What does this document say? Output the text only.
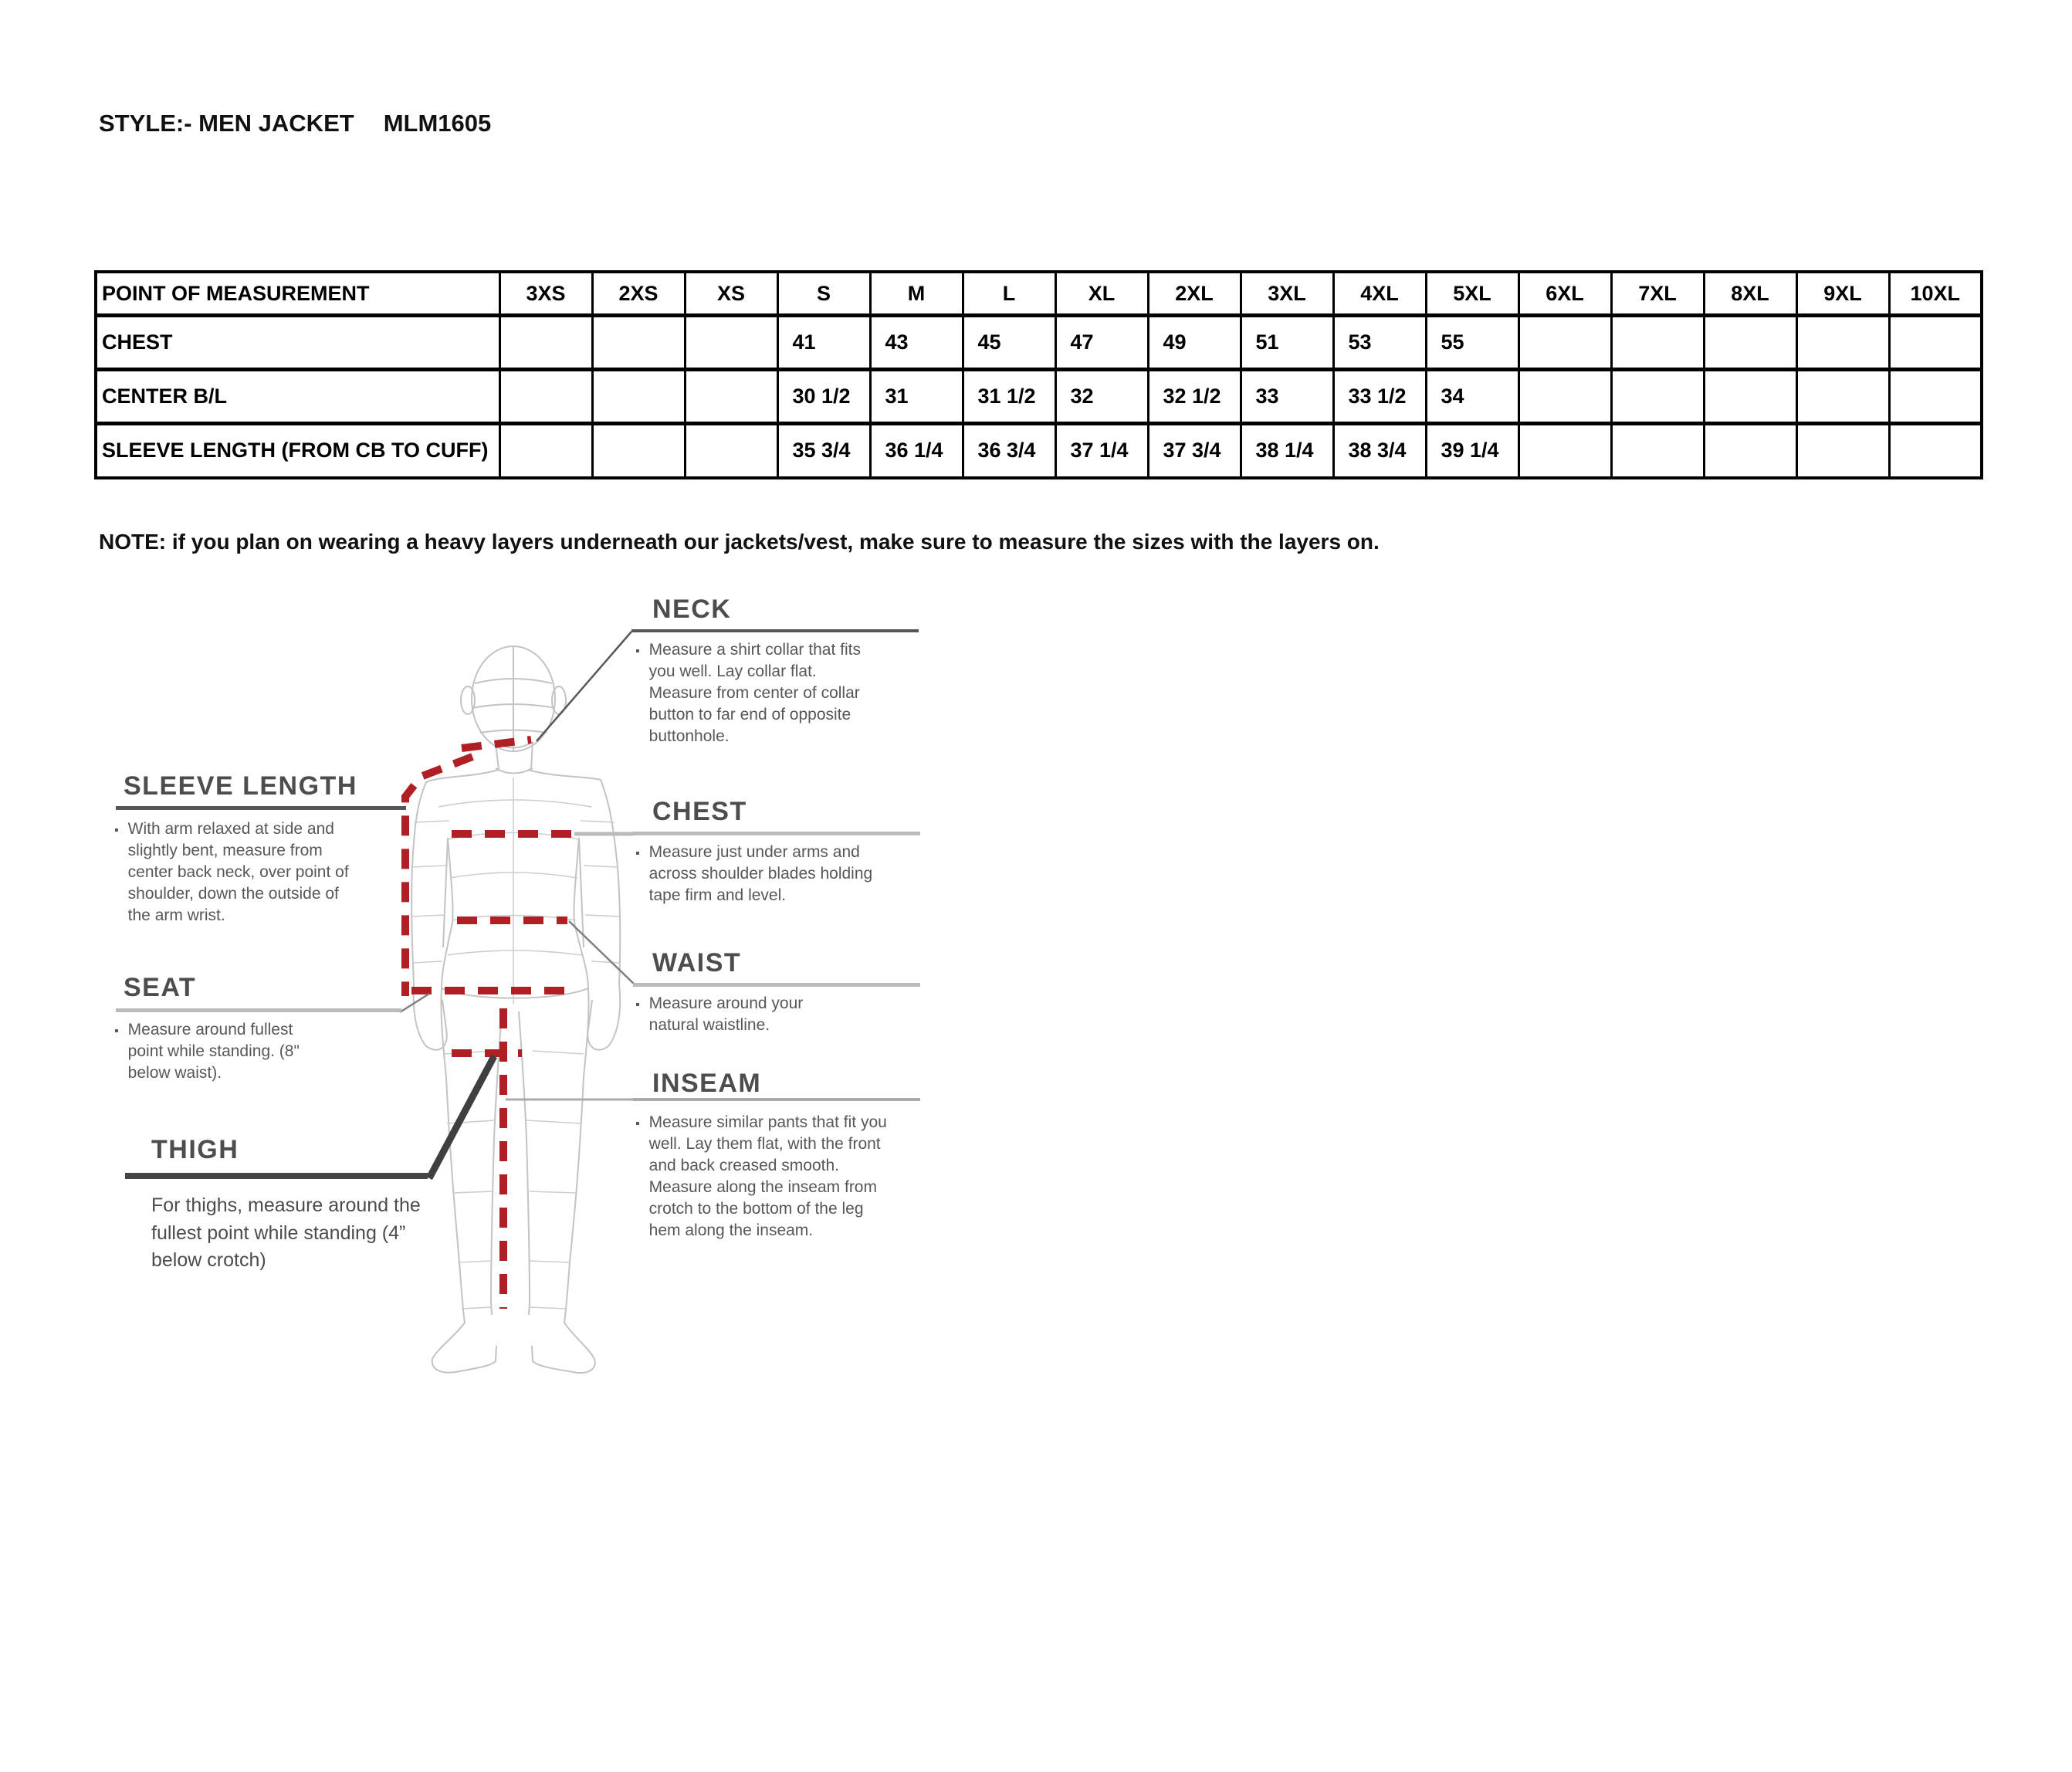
STYLE:- MEN JACKET MLM1605
POINT OF MEASUREMENT	3XS	2XS	XS	S	M	L	XL	2XL	3XL	4XL	5XL	6XL	7XL	8XL	9XL	10XL
CHEST				41	43	45	47	49	51	53	55					
CENTER B/L				30 1/2	31	31 1/2	32	32 1/2	33	33 1/2	34					
SLEEVE LENGTH (FROM CB TO CUFF)				35 3/4	36 1/4	36 3/4	37 1/4	37 3/4	38 1/4	38 3/4	39 1/4					
NOTE: if you plan on wearing a heavy layers underneath our jackets/vest, make sure to measure the sizes with the layers on.
NECK
▪ Measure a shirt collar that fits you well. Lay collar flat. Measure from center of collar button to far end of opposite buttonhole.
SLEEVE LENGTH
▪ With arm relaxed at side and slightly bent, measure from center back neck, over point of shoulder, down the outside of the arm wrist.
CHEST
▪ Measure just under arms and across shoulder blades holding tape firm and level.
WAIST
▪ Measure around your natural waistline.
SEAT
▪ Measure around fullest point while standing. (8" below waist).	INSEAM
▪ Measure similar pants that fit you well. Lay them flat, with the front and back creased smooth. Measure along the inseam from crotch to the bottom of the leg hem along the inseam.
THIGH
For thighs, measure around the fullest point while standing (4” below crotch)
